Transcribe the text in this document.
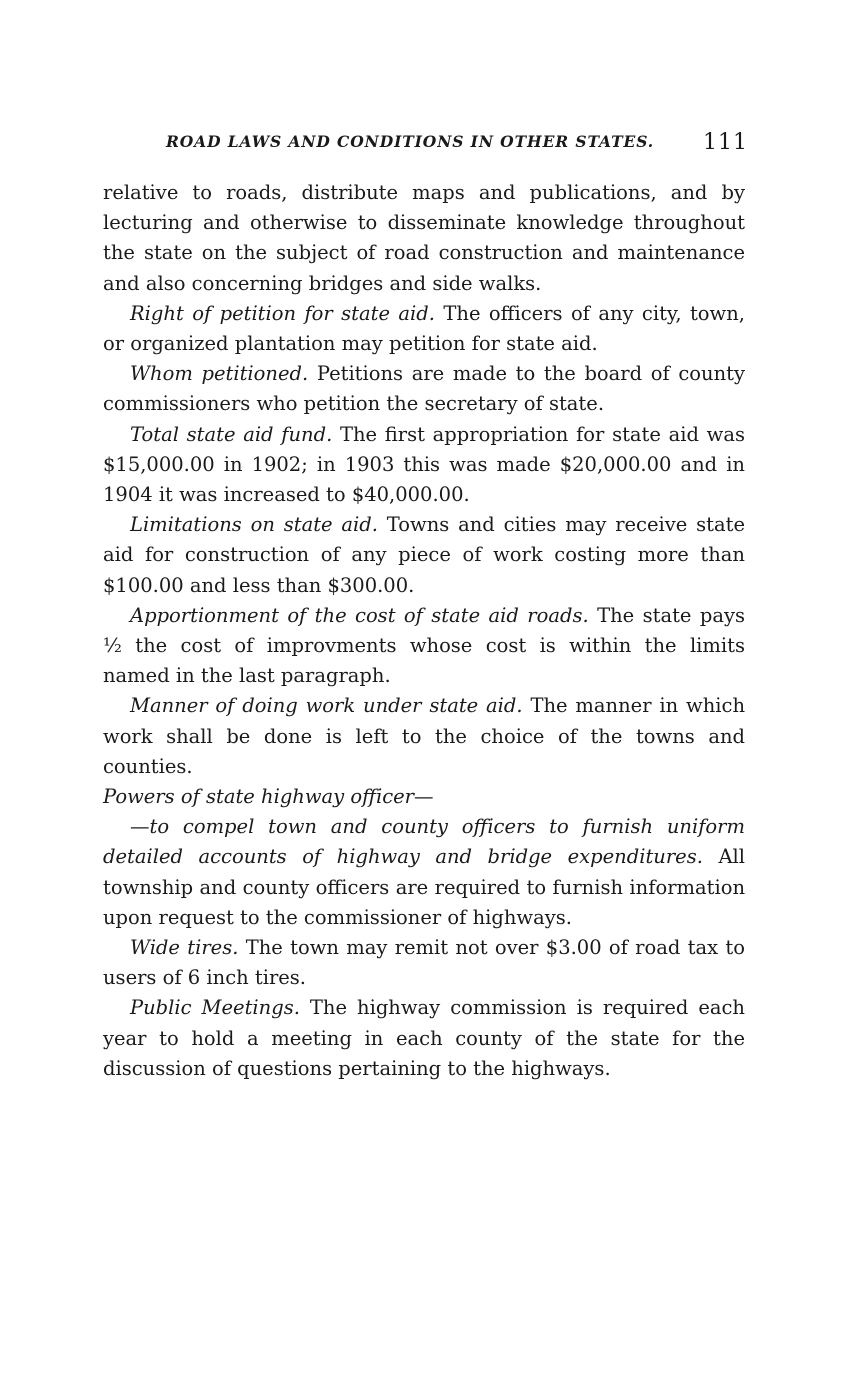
ROAD LAWS AND CONDITIONS IN OTHER STATES. 111

relative to roads, distribute maps and publications, and by lecturing and otherwise to disseminate knowledge throughout the state on the subject of road construction and maintenance and also concerning bridges and side walks.

Right of petition for state aid. The officers of any city, town, or organized plantation may petition for state aid.

Whom petitioned. Petitions are made to the board of county commissioners who petition the secretary of state.

Total state aid fund. The first appropriation for state aid was $15,000.00 in 1902; in 1903 this was made $20,000.00 and in 1904 it was increased to $40,000.00.

Limitations on state aid. Towns and cities may receive state aid for construction of any piece of work costing more than $100.00 and less than $300.00.

Apportionment of the cost of state aid roads. The state pays ½ the cost of improvments whose cost is within the limits named in the last paragraph.

Manner of doing work under state aid. The manner in which work shall be done is left to the choice of the towns and counties.

Powers of state highway officer—

—to compel town and county officers to furnish uniform detailed accounts of highway and bridge expenditures. All township and county officers are required to furnish information upon request to the commissioner of highways.

Wide tires. The town may remit not over $3.00 of road tax to users of 6 inch tires.

Public Meetings. The highway commission is required each year to hold a meeting in each county of the state for the discussion of questions pertaining to the highways.
